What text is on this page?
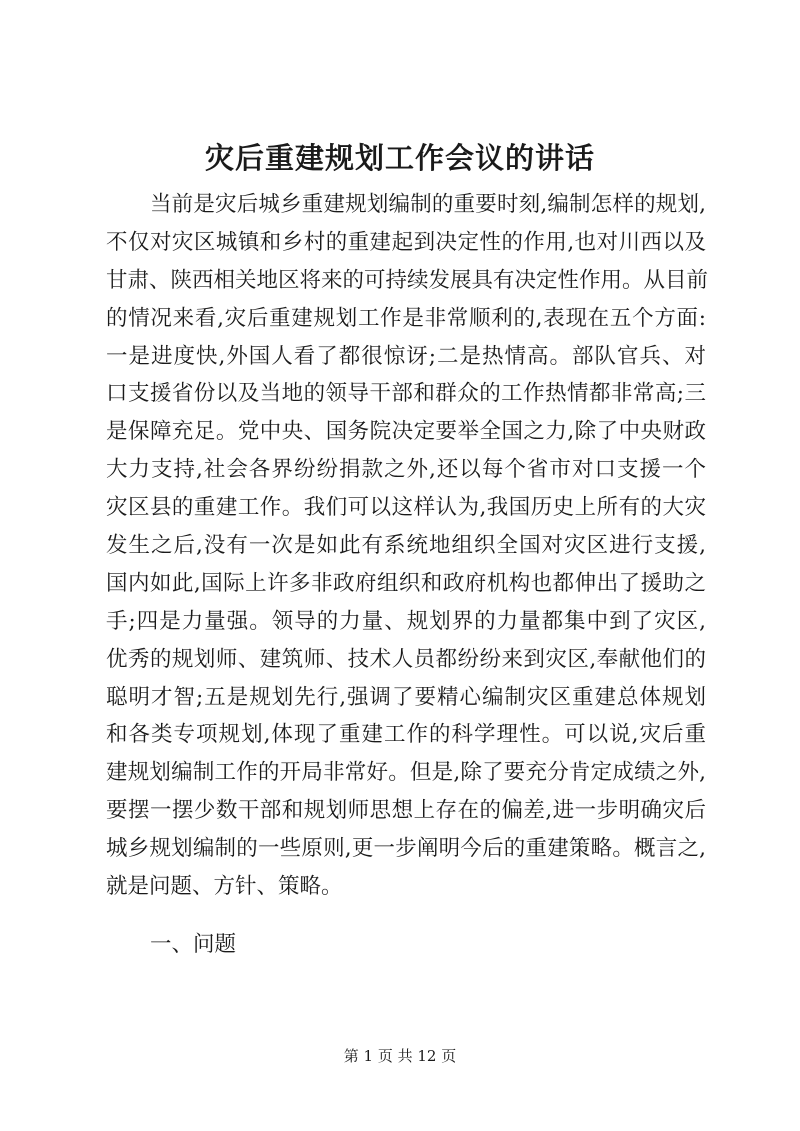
灾后重建规划工作会议的讲话
当前是灾后城乡重建规划编制的重要时刻,编制怎样的规划,
不仅对灾区城镇和乡村的重建起到决定性的作用,也对川西以及
甘肃、陕西相关地区将来的可持续发展具有决定性作用。从目前
的情况来看,灾后重建规划工作是非常顺利的,表现在五个方面:
一是进度快,外国人看了都很惊讶;二是热情高。部队官兵、对
口支援省份以及当地的领导干部和群众的工作热情都非常高;三
是保障充足。党中央、国务院决定要举全国之力,除了中央财政
大力支持,社会各界纷纷捐款之外,还以每个省市对口支援一个
灾区县的重建工作。我们可以这样认为,我国历史上所有的大灾
发生之后,没有一次是如此有系统地组织全国对灾区进行支援,
国内如此,国际上许多非政府组织和政府机构也都伸出了援助之
手;四是力量强。领导的力量、规划界的力量都集中到了灾区,
优秀的规划师、建筑师、技术人员都纷纷来到灾区,奉献他们的
聪明才智;五是规划先行,强调了要精心编制灾区重建总体规划
和各类专项规划,体现了重建工作的科学理性。可以说,灾后重
建规划编制工作的开局非常好。但是,除了要充分肯定成绩之外,
要摆一摆少数干部和规划师思想上存在的偏差,进一步明确灾后
城乡规划编制的一些原则,更一步阐明今后的重建策略。概言之,
就是问题、方针、策略。
一、问题
第 1 页 共 12 页
